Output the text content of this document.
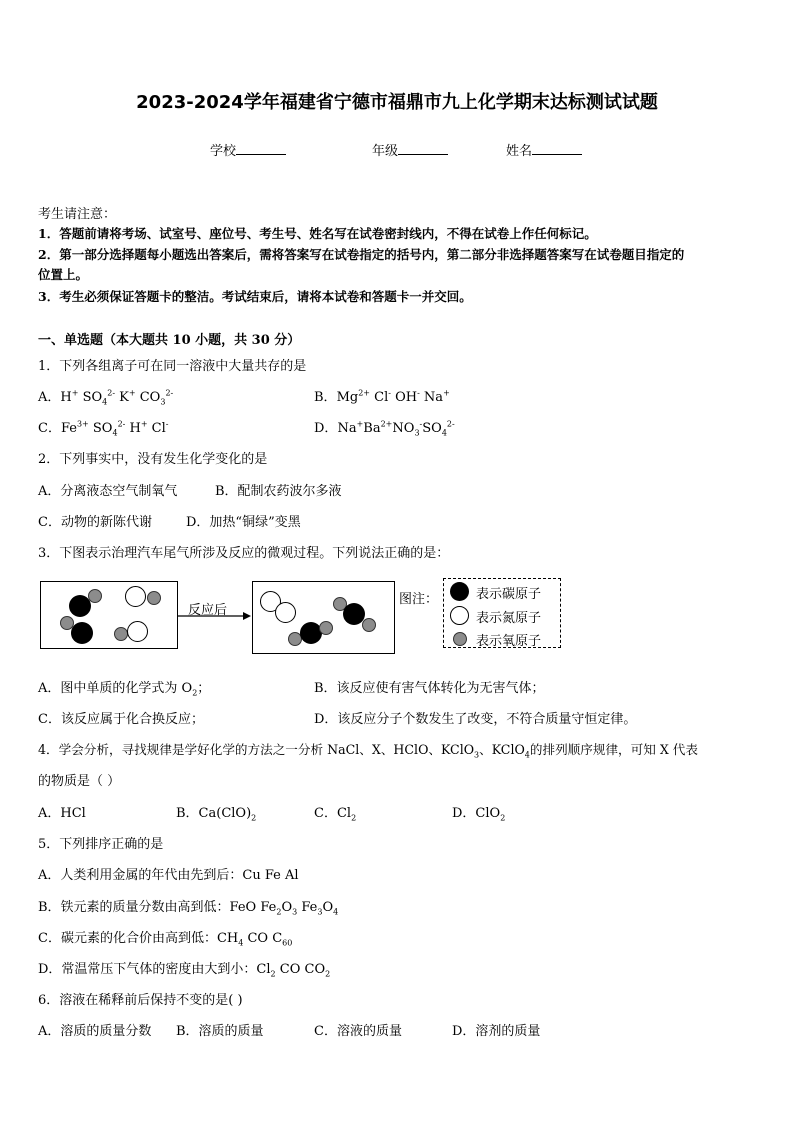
2023-2024学年福建省宁德市福鼎市九上化学期末达标测试试题
学校	年级	姓名
考生请注意：
1．答题前请将考场、试室号、座位号、考生号、姓名写在试卷密封线内，不得在试卷上作任何标记。
2．第一部分选择题每小题选出答案后，需将答案写在试卷指定的括号内，第二部分非选择题答案写在试卷题目指定的
位置上。
3．考生必须保证答题卡的整洁。考试结束后，请将本试卷和答题卡一并交回。
一、单选题（本大题共 10 小题，共 30 分）
1．下列各组离子可在同一溶液中大量共存的是
A．H+ $SO_4^{2-}$ K+ $CO_3^{2-}$	B．$Mg^{2+}$ Cl- OH- Na+
C．$Fe^{3+}$ $SO_4^{2-}$ H+ Cl-	D．$Na^+Ba^{2+}NO_3^-SO_4^{2-}$
2．下列事实中，没有发生化学变化的是
A．分离液态空气制氧气	B．配制农药波尔多液
C．动物的新陈代谢	D．加热“铜绿”变黑
3．下图表示治理汽车尾气所涉及反应的微观过程。下列说法正确的是：
反应后
图注：	表示碳原子
表示氮原子
表示氧原子
A．图中单质的化学式为 $O_2$；	B．该反应使有害气体转化为无害气体；
C．该反应属于化合换反应；	D．该反应分子个数发生了改变，不符合质量守恒定律。
4．学会分析，寻找规律是学好化学的方法之一分析 NaCl、X、HClO、KClO$_3$、KClO$_4$的排列顺序规律，可知 X 代表
的物质是（ ）
A．HCl	B．$Ca(ClO)_2$	C．$Cl_2$	D．ClO$_2$
5．下列排序正确的是
A．人类利用金属的年代由先到后：Cu Fe Al
B．铁元素的质量分数由高到低：FeO $Fe_2O_3$ $Fe_3O_4$
C．碳元素的化合价由高到低：$CH_4$ CO $C_{60}$
D．常温常压下气体的密度由大到小：$Cl_2$ CO $CO_2$
6．溶液在稀释前后保持不变的是( )
A．溶质的质量分数 B．溶质的质量	C．溶液的质量	D．溶剂的质量
